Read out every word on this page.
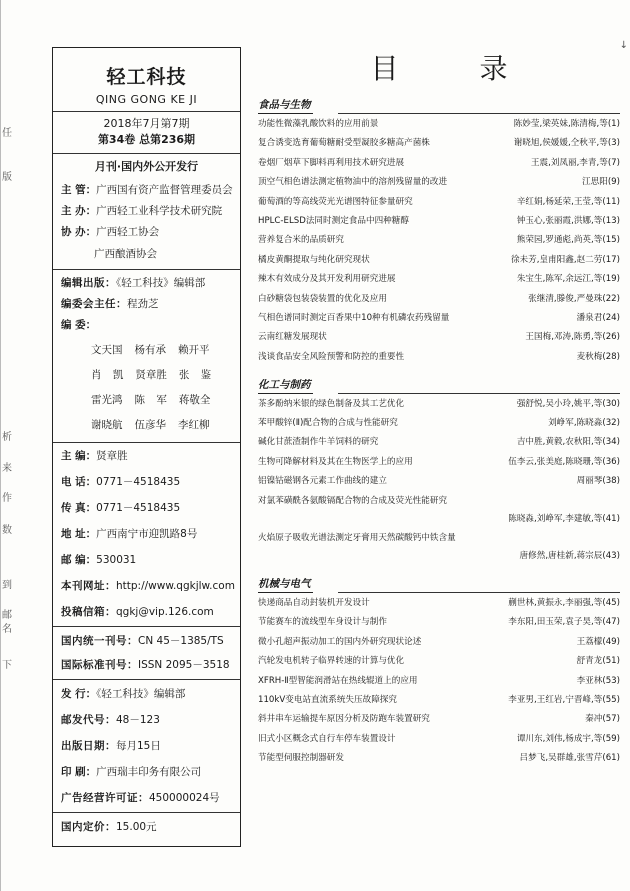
任
版
析
来
作
数
到
邮
名
下
↓
轻工科技
QING GONG KE JI
2018年7月第7期
第34卷 总第236期
月刊·国内外公开发行
主 管：广西国有资产监督管理委员会
主 办：广西轻工业科学技术研究院
协 办：广西轻工协会
广西酿酒协会
编辑出版：《轻工科技》编辑部
编委会主任：程劲芝
编 委：
文天国 杨有承 赖开平
肖 凯 贤章胜 张 鉴
雷光鸿 陈 军 蒋敬全
谢晓航 伍彦华 李红柳
主 编：贤章胜
电 话：0771－4518435
传 真：0771－4518435
地 址：广西南宁市迎凯路8号
邮 编：530031
本刊网址：http://www.qgkjlw.com
投稿信箱：qgkj@vip.126.com
国内统一刊号：CN 45－1385/TS
国际标准刊号：ISSN 2095－3518
发 行：《轻工科技》编辑部
邮发代号：48－123
出版日期：每月15日
印 刷：广西瑞丰印务有限公司
广告经营许可证：450000024号
国内定价：15.00元
目 录
食品与生物
功能性微藻乳酸饮料的应用前景	陈妙莹,梁英妹,陈清梅,等(1)
复合诱变选育葡萄糖耐受型凝胶多糖高产菌株	谢晓旭,侯媛媛,仝秋平,等(3)
卷烟厂烟草下脚料再利用技术研究进展	王震,刘凤丽,李青,等(7)
顶空气相色谱法测定植物油中的溶剂残留量的改进	江思阳(9)
葡萄酒的等高线荧光光谱图特征参量研究	辛红娟,杨延荣,王莹,等(11)
HPLC-ELSD法同时测定食品中四种糖醇	钟玉心,张丽霞,洪娜,等(13)
营养复合米的品质研究	熊荣园,罗通彪,尚英,等(15)
橘皮黄酮提取与纯化研究现状	徐未芳,皇甫阳鑫,赵二劳(17)
辣木有效成分及其开发利用研究进展	朱宝生,陈军,余远江,等(19)
白砂糖袋包装袋装置的优化及应用	张继清,滕俊,严曼珠(22)
气相色谱同时测定百香果中10种有机磷农药残留量	潘泉君(24)
云南红糖发展现状	王国梅,邓涛,陈勇,等(26)
浅谈食品安全风险预警和防控的重要性	麦秋梅(28)
化工与制药
茶多酚纳米银的绿色制备及其工艺优化	强舒悦,吴小玲,姚平,等(30)
苯甲酸锌(Ⅱ)配合物的合成与性能研究	刘峥军,陈晓淼(32)
碱化甘蔗渣制作牛羊饲料的研究	吉中胜,黄毅,农秋阳,等(34)
生物可降解材料及其在生物医学上的应用	伍李云,张美庭,陈晓珊,等(36)
铝镍钴磁钢各元素工作曲线的建立	周丽琴(38)
对氯苯磺酰各氨酸镉配合物的合成及荧光性能研究
陈晓淼,刘峥军,李建敏,等(41)
火焰原子吸收光谱法测定牙膏用天然碳酸钙中铁含量
唐修然,唐桂新,蒋宗辰(43)
机械与电气
快递商品自动封装机开发设计	蒯世林,黄振永,李丽强,等(45)
节能赛车的流线型车身设计与制作	李东阳,田玉荣,袁子昊,等(47)
微小孔超声振动加工的国内外研究现状论述	王荔檬(49)
汽轮发电机转子临界转速的计算与优化	舒青龙(51)
XFRH-Ⅱ型智能润滑站在热线辊道上的应用	李亚林(53)
110kV变电站直流系统失压故障探究	李亚男,王红岩,宁晋峰,等(55)
斜井串车运输提车原因分析及防跑车装置研究	秦冲(57)
旧式小区概念式自行车停车装置设计	谭川东,刘伟,杨成宇,等(59)
节能型伺服控制器研发	吕梦飞,吴群雄,张雪芹(61)
